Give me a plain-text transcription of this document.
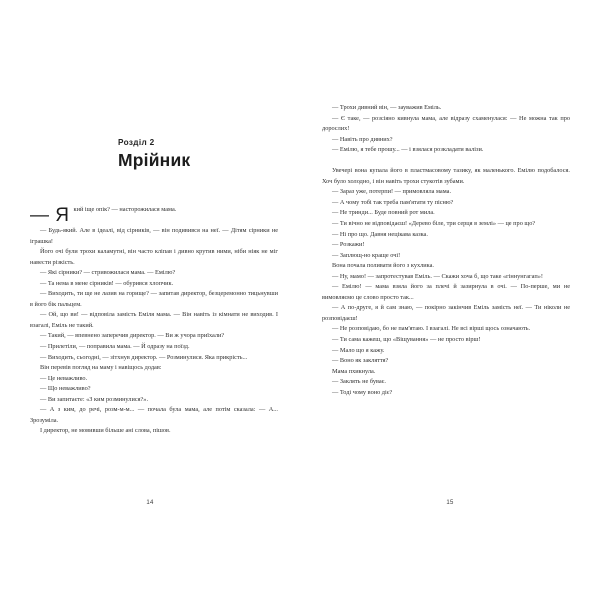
Розділ 2
Мрійник
— Я кий іще опік? — насторожилася мама.

— Будь-який. Але в ідеалі, від сірників, — він подивився на неї. — Дітям сірники не іграшка!

Його очі були трохи каламутні, він часто кліпав і дивно крутив ними, ніби ніяк не міг навести різкість.

— Які сірники? — стривожилася мама. — Емілю?

— Та нема в мене сірників! — обурився хлопчик.

— Виходить, ти ще не лазив на горище? — запитав директор, безцеремонно тицьнувши в його бік пальцем.

— Ой, що ви! — відповіла замість Еміля мама. — Він навіть із кімнати не виходив. І взагалі, Еміль не такий.

— Такий, — впевнено заперечив директор. — Ви ж учора приїхали?

— Прилетіли, — поправила мама. — Й одразу на поїзд.

— Виходить, сьогодні, — зітхнув директор. — Розминулися. Яка прикрість...

Він перевів погляд на маму і навіщось додав:

— Це неважливо.

— Що неважливо?

— Ви запитаєте: «З ким розминулися?».

— А з ким, до речі, розм-м-м... — почала була мама, але потім сказала: — А... Зрозуміла.

І директор, не мовивши більше ані слова, пішов.

14

— Трохи дивний він, — зауважив Еміль.

— Є таке, — розсіяно кивнула мама, але відразу схаменулася: — Не можна так про дорослих!

— Навіть про дивних?

— Емілю, я тебе прошу... — і взялася розкладати валізи.

Увечері вона купала його в пластмасовому тазику, як маленького. Емілю подобалося. Хоч було холодно, і він навіть трохи стукотів зубами.

— Зараз уже, потерпи! — примовляла мама.

— А чому тобі так треба пам'ятати ту пісню?

— Не тринди... Буде повний рот мила.

— Ти вічно не відповідаєш! «Дерево біле, три серця в землі» — це про що?

— Ні про що. Давня нецікава казка.

— Розкажи!

— Заплющ-но краще очі!

Вона почала поливати його з кухлика.

— Ну, мамо! — запротестував Еміль. — Скажи хоча б, що таке «гіннунгагап»!

— Емілю! — мама взяла його за плечі й зазирнула в очі. — По-перше, ми не вимовляємо це слово просто так...

— А по-друге, я й сам знаю, — покірно закінчив Еміль замість неї. — Ти ніколи не розповідаєш!

— Не розповідаю, бо не пам'ятаю. І взагалі. Не всі вірші щось означають.

— Ти сама кажеш, що «Віщування» — не просто вірш!

— Мало що я кажу.

— Воно як закляття?

Мама пхикнула.

— Заклять не буває.

— Тоді чому воно діє?

15
